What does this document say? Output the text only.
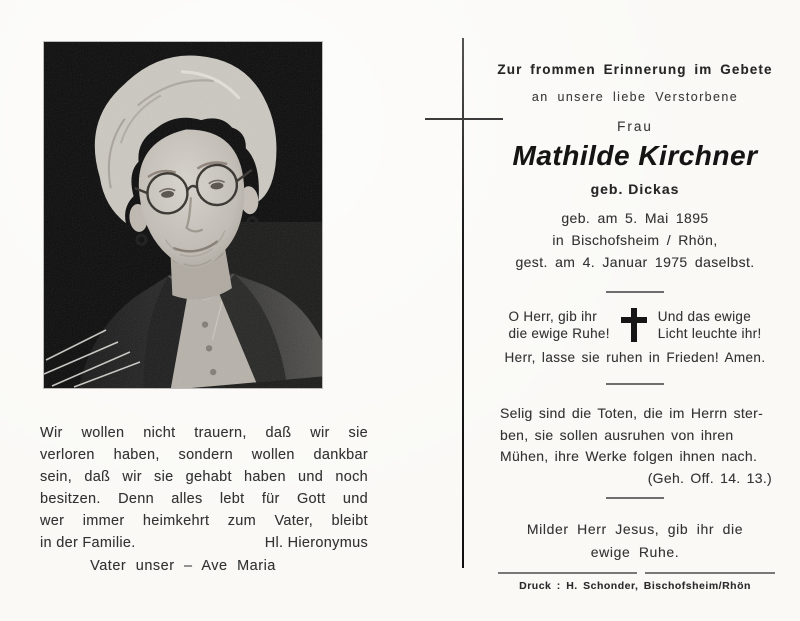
Wir wollen nicht trauern, daß wir sie
verloren haben, sondern wollen dankbar
sein, daß wir sie gehabt haben und noch
besitzen. Denn alles lebt für Gott und
wer immer heimkehrt zum Vater, bleibt
in der Familie.	Hl. Hieronymus
Vater unser – Ave Maria
Zur frommen Erinnerung im Gebete
an unsere liebe Verstorbene
Frau
Mathilde Kirchner
geb. Dickas
geb. am 5. Mai 1895
in Bischofsheim / Rhön,
gest. am 4. Januar 1975 daselbst.
O Herr, gib ihr
die ewige Ruhe!
Und das ewige
Licht leuchte ihr!
Herr, lasse sie ruhen in Frieden! Amen.
Selig sind die Toten, die im Herrn ster-
ben, sie sollen ausruhen von ihren
Mühen, ihre Werke folgen ihnen nach.
(Geh. Off. 14. 13.)
Milder Herr Jesus, gib ihr die
ewige Ruhe.
Druck : H. Schonder, Bischofsheim/Rhön
